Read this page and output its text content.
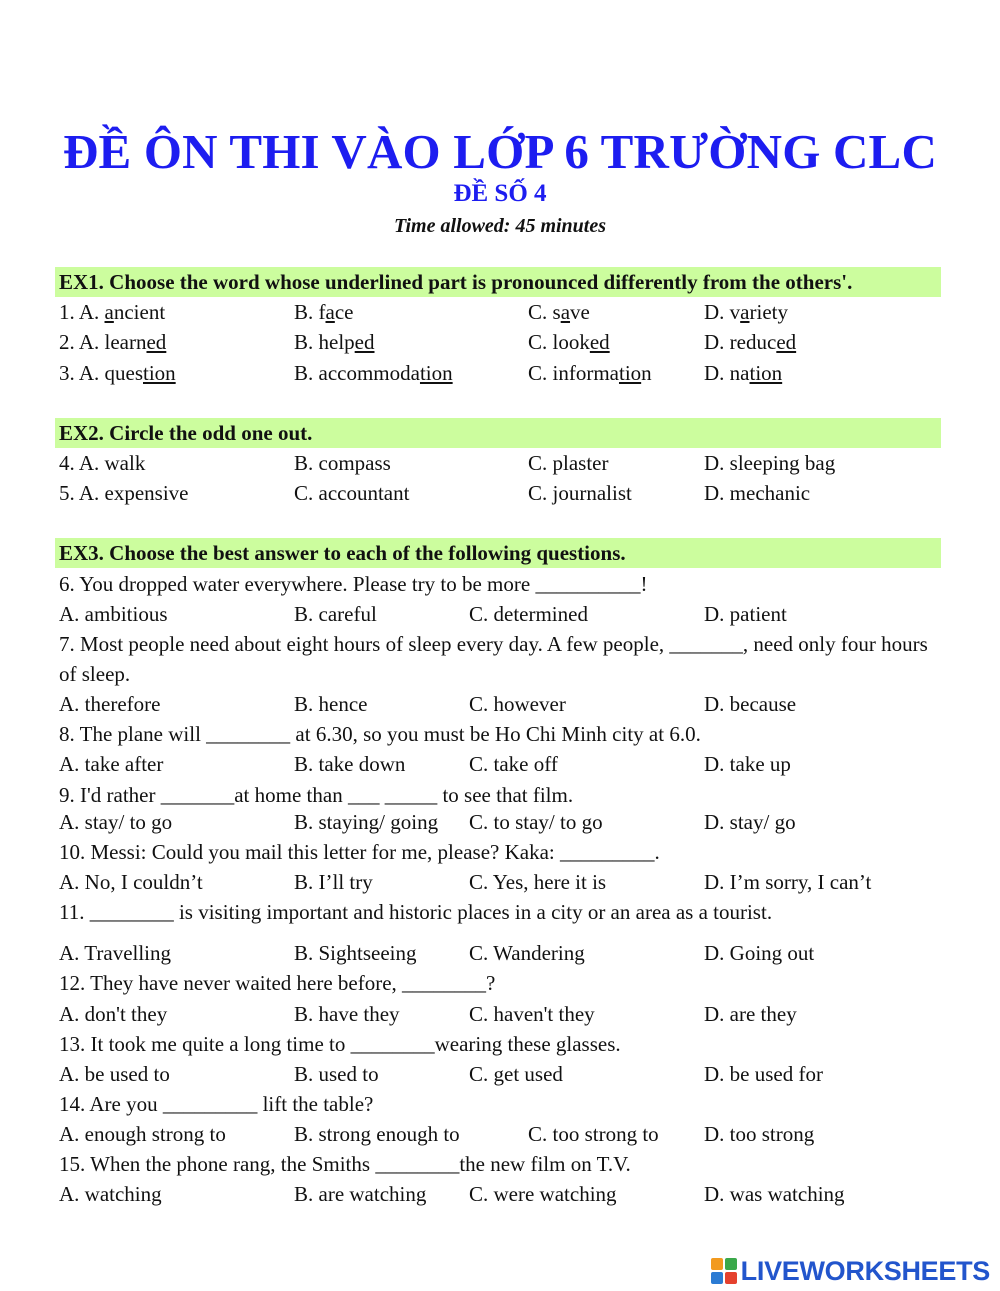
ĐỀ ÔN THI VÀO LỚP 6 TRƯỜNG CLC
ĐỀ SỐ 4
Time allowed: 45 minutes
EX1. Choose the word whose underlined part is pronounced differently from the others'.
1. A. ancient	B. face	C. save	D. variety
2. A. learned	B. helped	C. looked	D. reduced
3. A. question	B. accommodation	C. information D. nation
EX2. Circle the odd one out.
4. A. walk	B. compass	C. plaster	D. sleeping bag
5. A. expensive	C. accountant	C. journalist	D. mechanic
EX3. Choose the best answer to each of the following questions.
6. You dropped water everywhere. Please try to be more __________!
A. ambitious	B. careful	C. determined	D. patient
7. Most people need about eight hours of sleep every day. A few people, _______, need only four hours of sleep.
A. therefore	B. hence	C. however	D. because
8. The plane will ________ at 6.30, so you must be Ho Chi Minh city at 6.0.
A. take after	B. take down	C. take off	D. take up
9. I'd rather _______at home than ___ _____ to see that film.
A. stay/ to go	B. staying/ going C. to stay/ to go	D. stay/ go
10. Messi: Could you mail this letter for me, please? Kaka: _________.
A. No, I couldn’t	B. I’ll try	C. Yes, here it is	D. I’m sorry, I can’t
11. ________ is visiting important and historic places in a city or an area as a tourist.
A. Travelling	B. Sightseeing C. Wandering	D. Going out
12. They have never waited here before, ________?
A. don't they	B. have they	C. haven't they	D. are they
13. It took me quite a long time to ________wearing these glasses.
A. be used to	B. used to	C. get used	D. be used for
14. Are you _________ lift the table?
A. enough strong to	B. strong enough to	C. too strong to D. too strong
15. When the phone rang, the Smiths ________the new film on T.V.
A. watching	B. are watching C. were watching	D. was watching
LIVEWORKSHEETS
